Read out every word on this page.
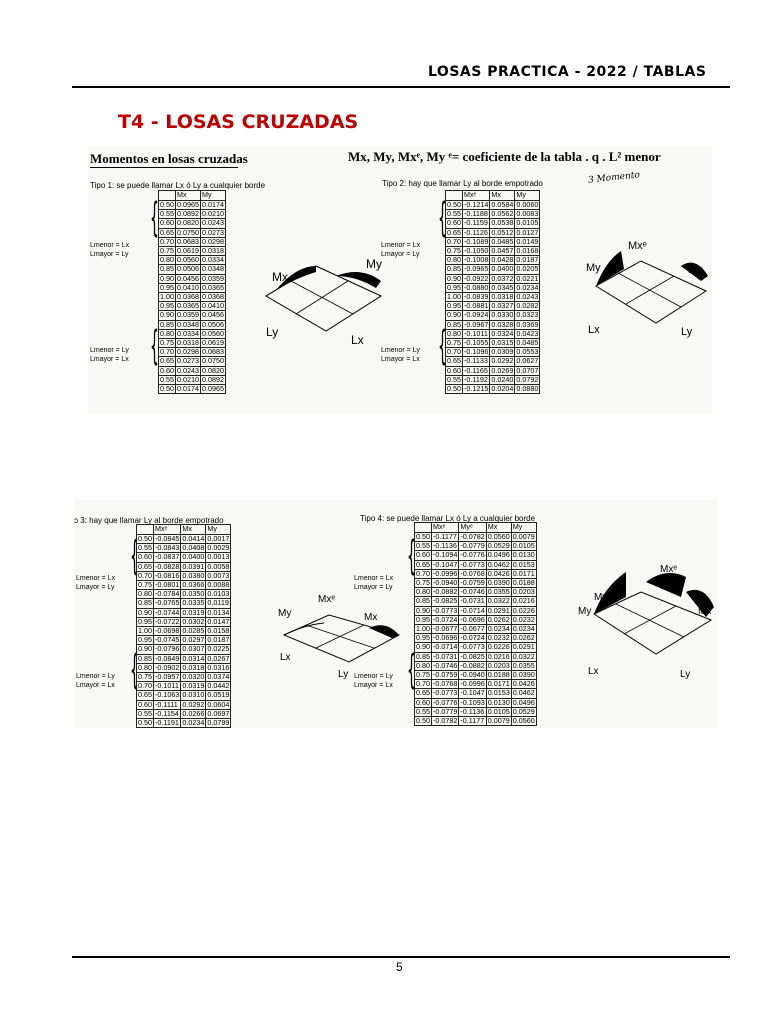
LOSAS PRACTICA - 2022 / TABLAS
T4 - LOSAS CRUZADAS
Momentos en losas cruzadas	Mx, My, Mxᵉ, My ᵉ= coeficiente de la tabla . q . L² menor
Tipo 1: se puede llamar Lx ó Ly a cualquier borde
Lmenor = Lx
Lmayor = Ly
Lmenor = Ly
Lmayor = Lx
{
{
	Mx	My
0.50	0.0965	0.0174
0.55	0.0892	0.0210
0.60	0.0820	0.0243
0.65	0.0750	0.0273
0.70	0.0683	0.0298
0.75	0.0619	0.0318
0.80	0.0560	0.0334
0.85	0.0506	0.0348
0.90	0.0456	0.0359
0.95	0.0410	0.0365
1.00	0.0368	0.0368
0.95	0.0365	0.0410
0.90	0.0359	0.0456
0.85	0.0348	0.0506
0.80	0.0334	0.0560
0.75	0.0318	0.0619
0.70	0.0298	0.0683
0.65	0.0273	0.0750
0.60	0.0243	0.0820
0.55	0.0210	0.0892
0.50	0.0174	0.0965
Mx
My
Ly
Lx
Tipo 2: hay que llamar Ly al borde empotrado	3 Momento
Lmenor = Lx
Lmayor = Ly
Lmenor = Ly
Lmayor = Lx
{
{
	Mxᵉ	Mx	My
0.50	-0.1214	0.0584	0.0060
0.55	-0.1188	0.0562	0.0083
0.60	-0.1159	0.0538	0.0105
0.65	-0.1126	0.0512	0.0127
0.70	-0.1089	0.0485	0.0149
0.75	-0.1050	0.0457	0.0168
0.80	-0.1008	0.0428	0.0187
0.85	-0.0965	0.0400	0.0205
0.90	-0.0922	0.0372	0.0221
0.95	-0.0880	0.0345	0.0234
1.00	-0.0839	0.0318	0.0243
0.95	-0.0881	0.0327	0.0282
0.90	-0.0924	0.0330	0.0323
0.85	-0.0967	0.0328	0.0369
0.80	-0.1011	0.0324	0.0423
0.75	-0.1055	0.0315	0.0485
0.70	-0.1096	0.0309	0.0553
0.65	-0.1133	0.0292	0.0627
0.60	-0.1165	0.0269	0.0707
0.55	-0.1192	0.0240	0.0792
0.50	-0.1215	0.0204	0.0880
My
Mxᵉ
Mx
Lx	Ly
ɔ 3: hay que llamar Ly al borde empotrado
Lmenor = Lx
Lmayor = Ly
Lmenor = Ly
Lmayor = Lx
{
{
	Mxᵉ	Mx	My
0.50	-0.0845	0.0414	0.0017
0.55	-0.0843	0.0408	0.0029
0.60	-0.0837	0.0400	0.0013
0.65	-0.0828	0.0391	0.0058
0.70	-0.0816	0.0380	0.0073
0.75	-0.0801	0.0366	0.0088
0.80	-0.0784	0.0350	0.0103
0.85	-0.0765	0.0335	0.0119
0.90	-0.0744	0.0319	0.0134
0.95	-0.0722	0.0302	0.0147
1.00	-0.0698	0.0285	0.0158
0.95	-0.0745	0.0297	0.0187
0.90	-0.0796	0.0307	0.0225
0.85	-0.0849	0.0314	0.0267
0.80	-0.0902	0.0318	0.0316
0.75	-0.0957	0.0320	0.0374
0.70	-0.1011	0.0319	0.0442
0.65	-0.1063	0.0310	0.0519
0.60	-0.1111	0.0292	0.0604
0.55	-0.1154	0.0266	0.0697
0.50	-0.1191	0.0234	0.0799
My
Mxᵉ
Mx
Lx
Ly
Tipo 4: se puede llamar Lx ó Ly a cualquier borde
Lmenor = Lx
Lmayor = Ly
Lmenor = Ly
Lmayor = Lx
{
{
	Mxᵉ	Myᵉ	Mx	My
0.50	-0.1177	-0.0782	0.0560	0.0079
0.55	-0.1136	-0.0779	0.0529	0.0105
0.60	-0.1094	-0.0776	0.0496	0.0130
0.65	-0.1047	-0.0773	0.0462	0.0153
0.70	-0.0996	-0.0768	0.0426	0.0171
0.75	-0.0940	-0.0759	0.0390	0.0188
0.80	-0.0882	-0.0746	0.0355	0.0203
0.85	-0.0825	-0.0731	0.0322	0.0216
0.90	-0.0773	-0.0714	0.0291	0.0226
0.95	-0.0724	-0.0696	0.0262	0.0232
1.00	-0.0677	-0.0677	0.0234	0.0234
0.95	-0.0696	-0.0724	0.0232	0.0262
0.90	-0.0714	-0.0773	0.0226	0.0291
0.85	-0.0731	-0.0825	0.0216	0.0322
0.80	-0.0746	-0.0882	0.0203	0.0355
0.75	-0.0759	-0.0940	0.0188	0.0390
0.70	-0.0768	-0.0996	0.0171	0.0426
0.65	-0.0773	-0.1047	0.0153	0.0462
0.60	-0.0776	-0.1093	0.0130	0.0496
0.55	-0.0779	-0.1136	0.0105	0.0529
0.50	-0.0782	-0.1177	0.0079	0.0560
Myᵉ
Mxᵉ
My	Mx
Lx	Ly
5
